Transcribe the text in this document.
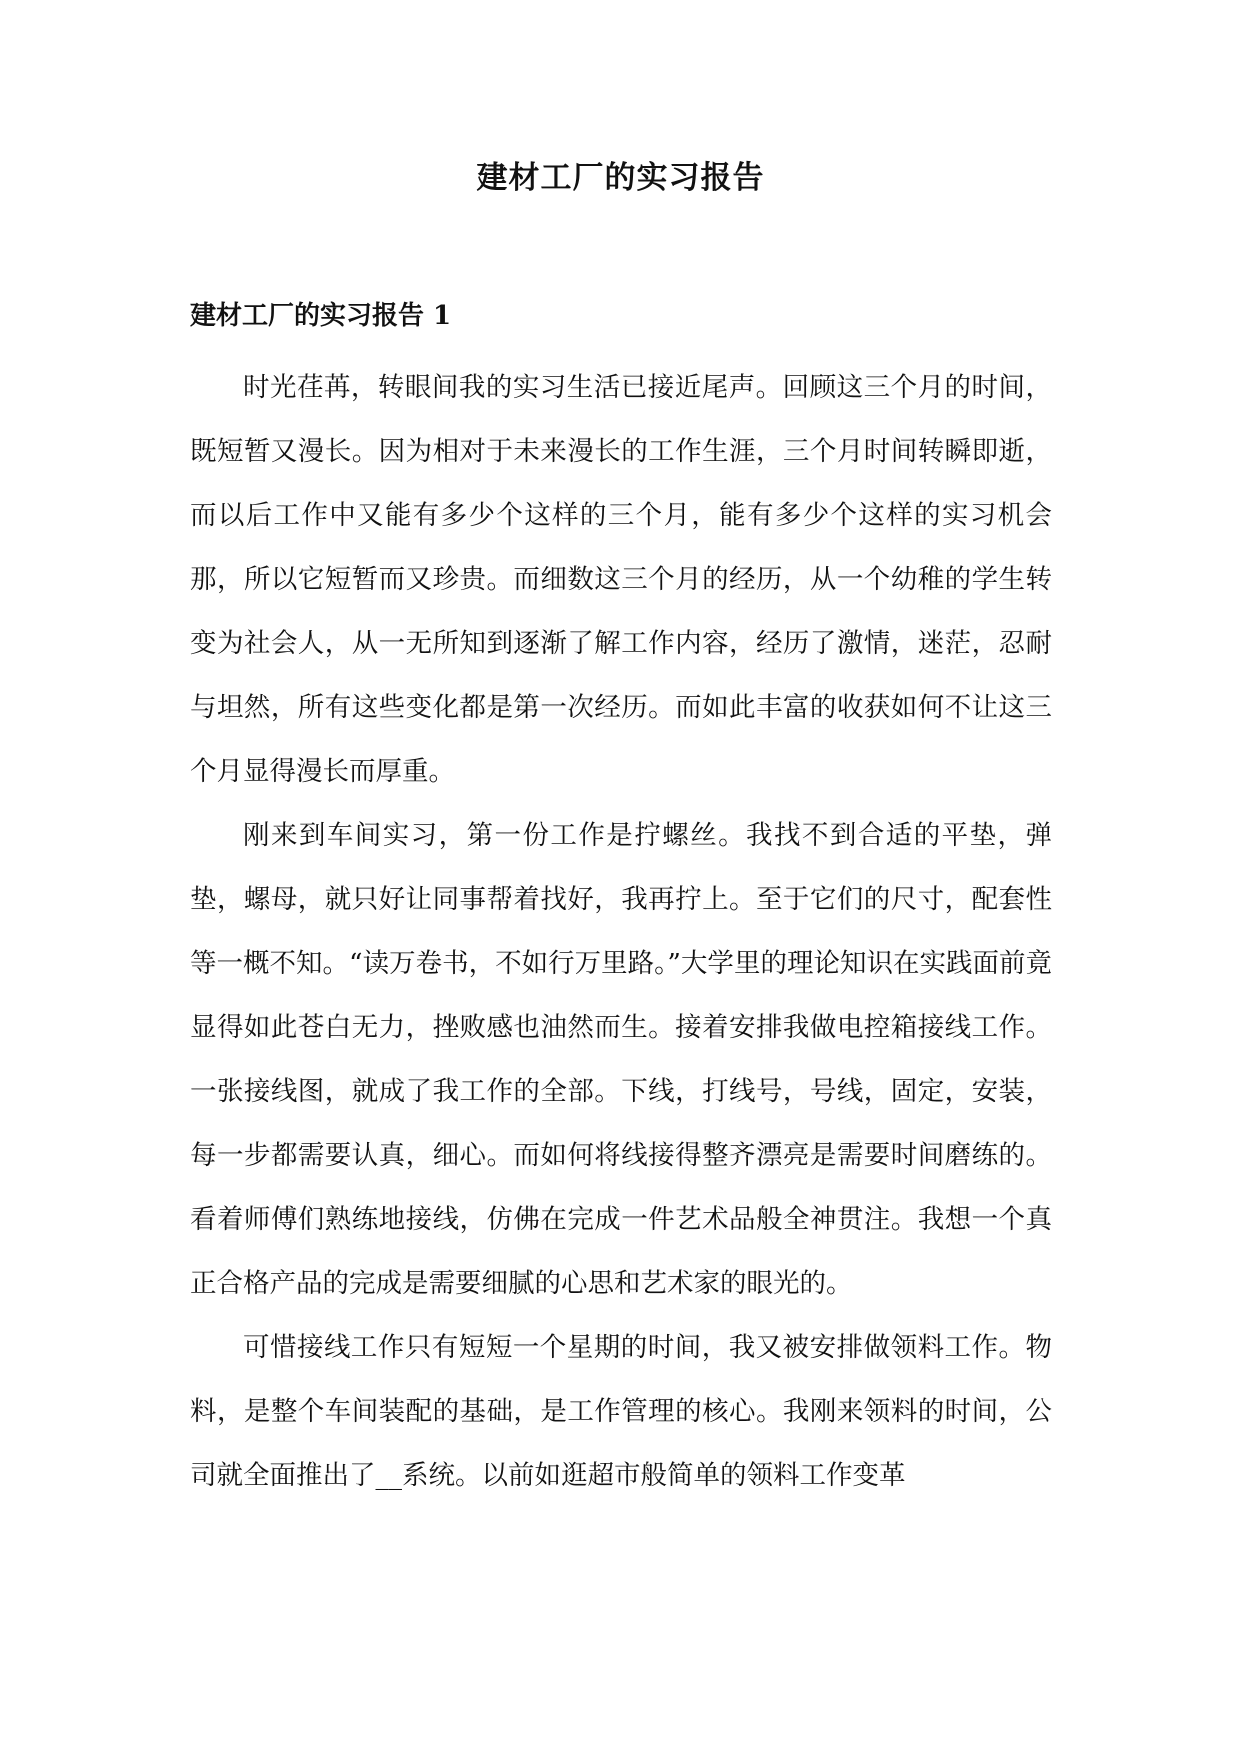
建材工厂的实习报告
建材工厂的实习报告 1

时光荏苒，转眼间我的实习生活已接近尾声。回顾这三个月的时间，既短暂又漫长。因为相对于未来漫长的工作生涯，三个月时间转瞬即逝，而以后工作中又能有多少个这样的三个月，能有多少个这样的实习机会那，所以它短暂而又珍贵。而细数这三个月的经历，从一个幼稚的学生转变为社会人，从一无所知到逐渐了解工作内容，经历了激情，迷茫，忍耐与坦然，所有这些变化都是第一次经历。而如此丰富的收获如何不让这三个月显得漫长而厚重。

刚来到车间实习，第一份工作是拧螺丝。我找不到合适的平垫，弹垫，螺母，就只好让同事帮着找好，我再拧上。至于它们的尺寸，配套性等一概不知。“读万卷书，不如行万里路。”大学里的理论知识在实践面前竟显得如此苍白无力，挫败感也油然而生。接着安排我做电控箱接线工作。一张接线图，就成了我工作的全部。下线，打线号，号线，固定，安装，每一步都需要认真，细心。而如何将线接得整齐漂亮是需要时间磨练的。看着师傅们熟练地接线，仿佛在完成一件艺术品般全神贯注。我想一个真正合格产品的完成是需要细腻的心思和艺术家的眼光的。

可惜接线工作只有短短一个星期的时间，我又被安排做领料工作。物料，是整个车间装配的基础，是工作管理的核心。我刚来领料的时间，公司就全面推出了__系统。以前如逛超市般简单的领料工作变革
